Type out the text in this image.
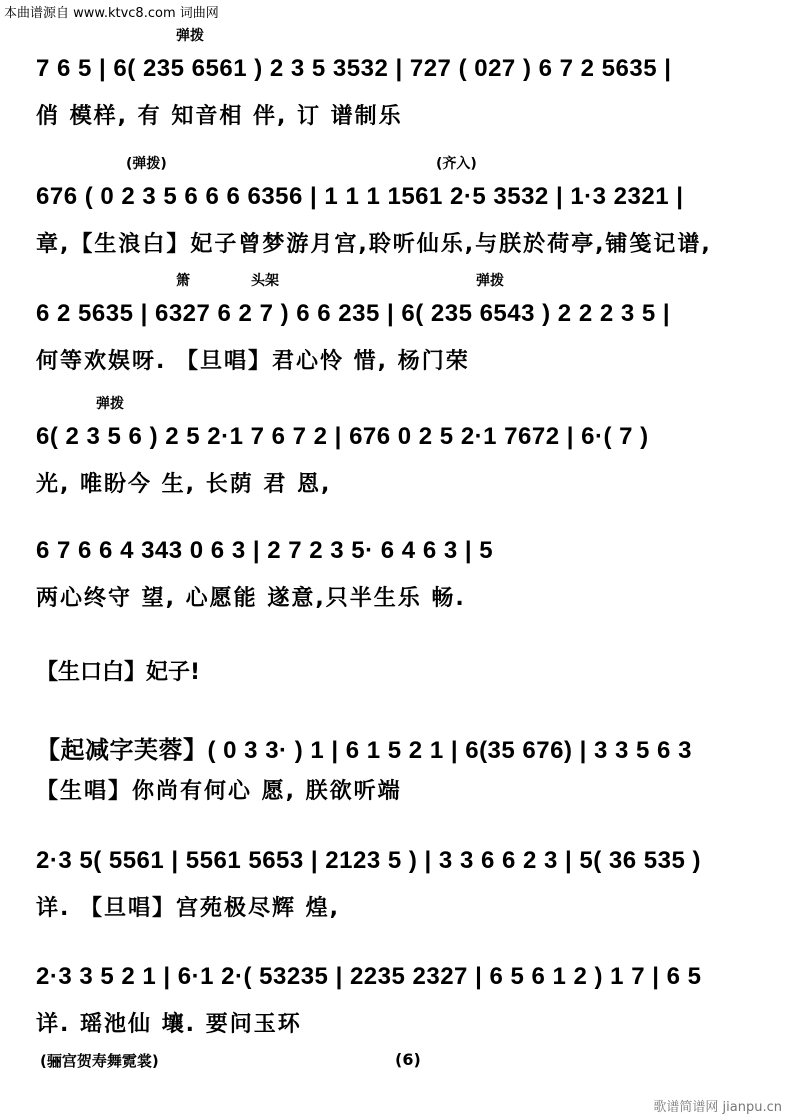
本曲谱源自 www.ktvc8.com 词曲网
弹拨
7 6 5 | 6( 235 6561 ) 2 3 5 3532 | 727 ( 027 ) 6 7 2 5635 |
俏 模样, 有 知音相 伴, 订 谱制乐
(弹拨)	(齐入)
676 ( 0 2 3 5 6 6 6 6356 | 1 1 1 1561 2·5 3532 | 1·3 2321 |
章,【生浪白】妃子曾梦游月宫,聆听仙乐,与朕於荷亭,铺笺记谱,
箫	头架	弹拨
6 2 5635 | 6327 6 2 7 ) 6 6 235 | 6( 235 6543 ) 2 2 2 3 5 |
何等欢娱呀. 【旦唱】君心怜 惜, 杨门荣
弹拨
6( 2 3 5 6 ) 2 5 2·1 7 6 7 2 | 676 0 2 5 2·1 7672 | 6·( 7 )
光, 唯盼今 生, 长荫 君 恩,
6 7 6 6 4 343 0 6 3 | 2 7 2 3 5· 6 4 6 3 | 5
两心终守 望, 心愿能 遂意,只半生乐 畅.
【生口白】妃子!
【起减字芙蓉】( 0 3 3· ) 1 | 6 1 5 2 1 | 6(35 676) | 3 3 5 6 3
【生唱】你尚有何心 愿, 朕欲听端
2·3 5( 5561 | 5561 5653 | 2123 5 ) | 3 3 6 6 2 3 | 5( 36 535 )
详. 【旦唱】宫苑极尽辉 煌,
2·3 3 5 2 1 | 6·1 2·( 53235 | 2235 2327 | 6 5 6 1 2 ) 1 7 | 6 5
详. 瑶池仙 壤. 要问玉环
(骊宫贺寿舞霓裳)	(6)
歌谱简谱网 jianpu.cn
